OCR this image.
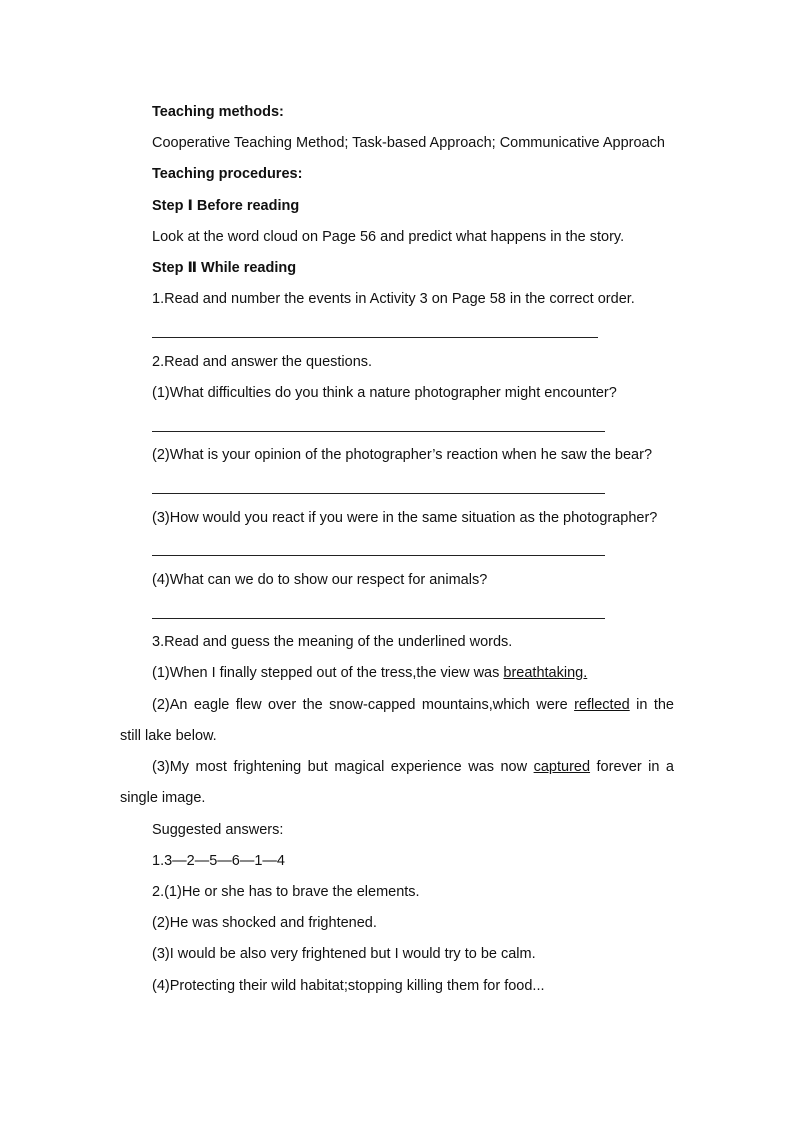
Teaching methods:
Cooperative Teaching Method; Task-based Approach; Communicative Approach
Teaching procedures:
Step Ⅰ Before reading
Look at the word cloud on Page 56 and predict what happens in the story.
Step Ⅱ While reading
1.Read and number the events in Activity 3 on Page 58 in the correct order.
2.Read and answer the questions.
(1)What difficulties do you think a nature photographer might encounter?
(2)What is your opinion of the photographer’s reaction when he saw the bear?
(3)How would you react if you were in the same situation as the photographer?
(4)What can we do to show our respect for animals?
3.Read and guess the meaning of the underlined words.
(1)When I finally stepped out of the tress,the view was breathtaking.
(2)An eagle flew over the snow-capped mountains,which were reflected in the
still lake below.
(3)My most frightening but magical experience was now captured forever in a
single image.
Suggested answers:
1.3—2—5—6—1—4
2.(1)He or she has to brave the elements.
(2)He was shocked and frightened.
(3)I would be also very frightened but I would try to be calm.
(4)Protecting their wild habitat;stopping killing them for food...
